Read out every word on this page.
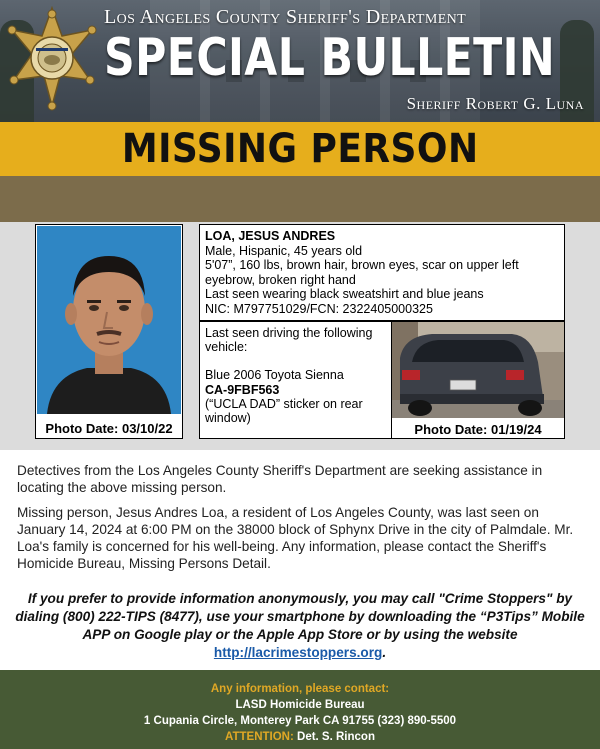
Los Angeles County Sheriff's Department
SPECIAL BULLETIN
Sheriff Robert G. Luna
MISSING PERSON
Photo Date: 03/10/22
LOA, JESUS ANDRES
Male, Hispanic, 45 years old
5'07”, 160 lbs, brown hair, brown eyes, scar on upper left eyebrow, broken right hand
Last seen wearing black sweatshirt and blue jeans
NIC: M797751029/FCN: 2322405000325
Last seen driving the following vehicle:
Blue 2006 Toyota Sienna
CA-9FBF563
(“UCLA DAD” sticker on rear window)
Photo Date: 01/19/24
Detectives from the Los Angeles County Sheriff's Department are seeking assistance in locating the above missing person.
Missing person, Jesus Andres Loa, a resident of Los Angeles County, was last seen on January 14, 2024 at 6:00 PM on the 38000 block of Sphynx Drive in the city of Palmdale. Mr. Loa's family is concerned for his well-being. Any information, please contact the Sheriff's Homicide Bureau, Missing Persons Detail.
If you prefer to provide information anonymously, you may call "Crime Stoppers" by dialing (800) 222-TIPS (8477), use your smartphone by downloading the “P3Tips” Mobile APP on Google play or the Apple App Store or by using the website
http://lacrimestoppers.org.
Any information, please contact:
LASD Homicide Bureau
1 Cupania Circle, Monterey Park CA 91755 (323) 890-5500
ATTENTION: Det. S. Rincon
